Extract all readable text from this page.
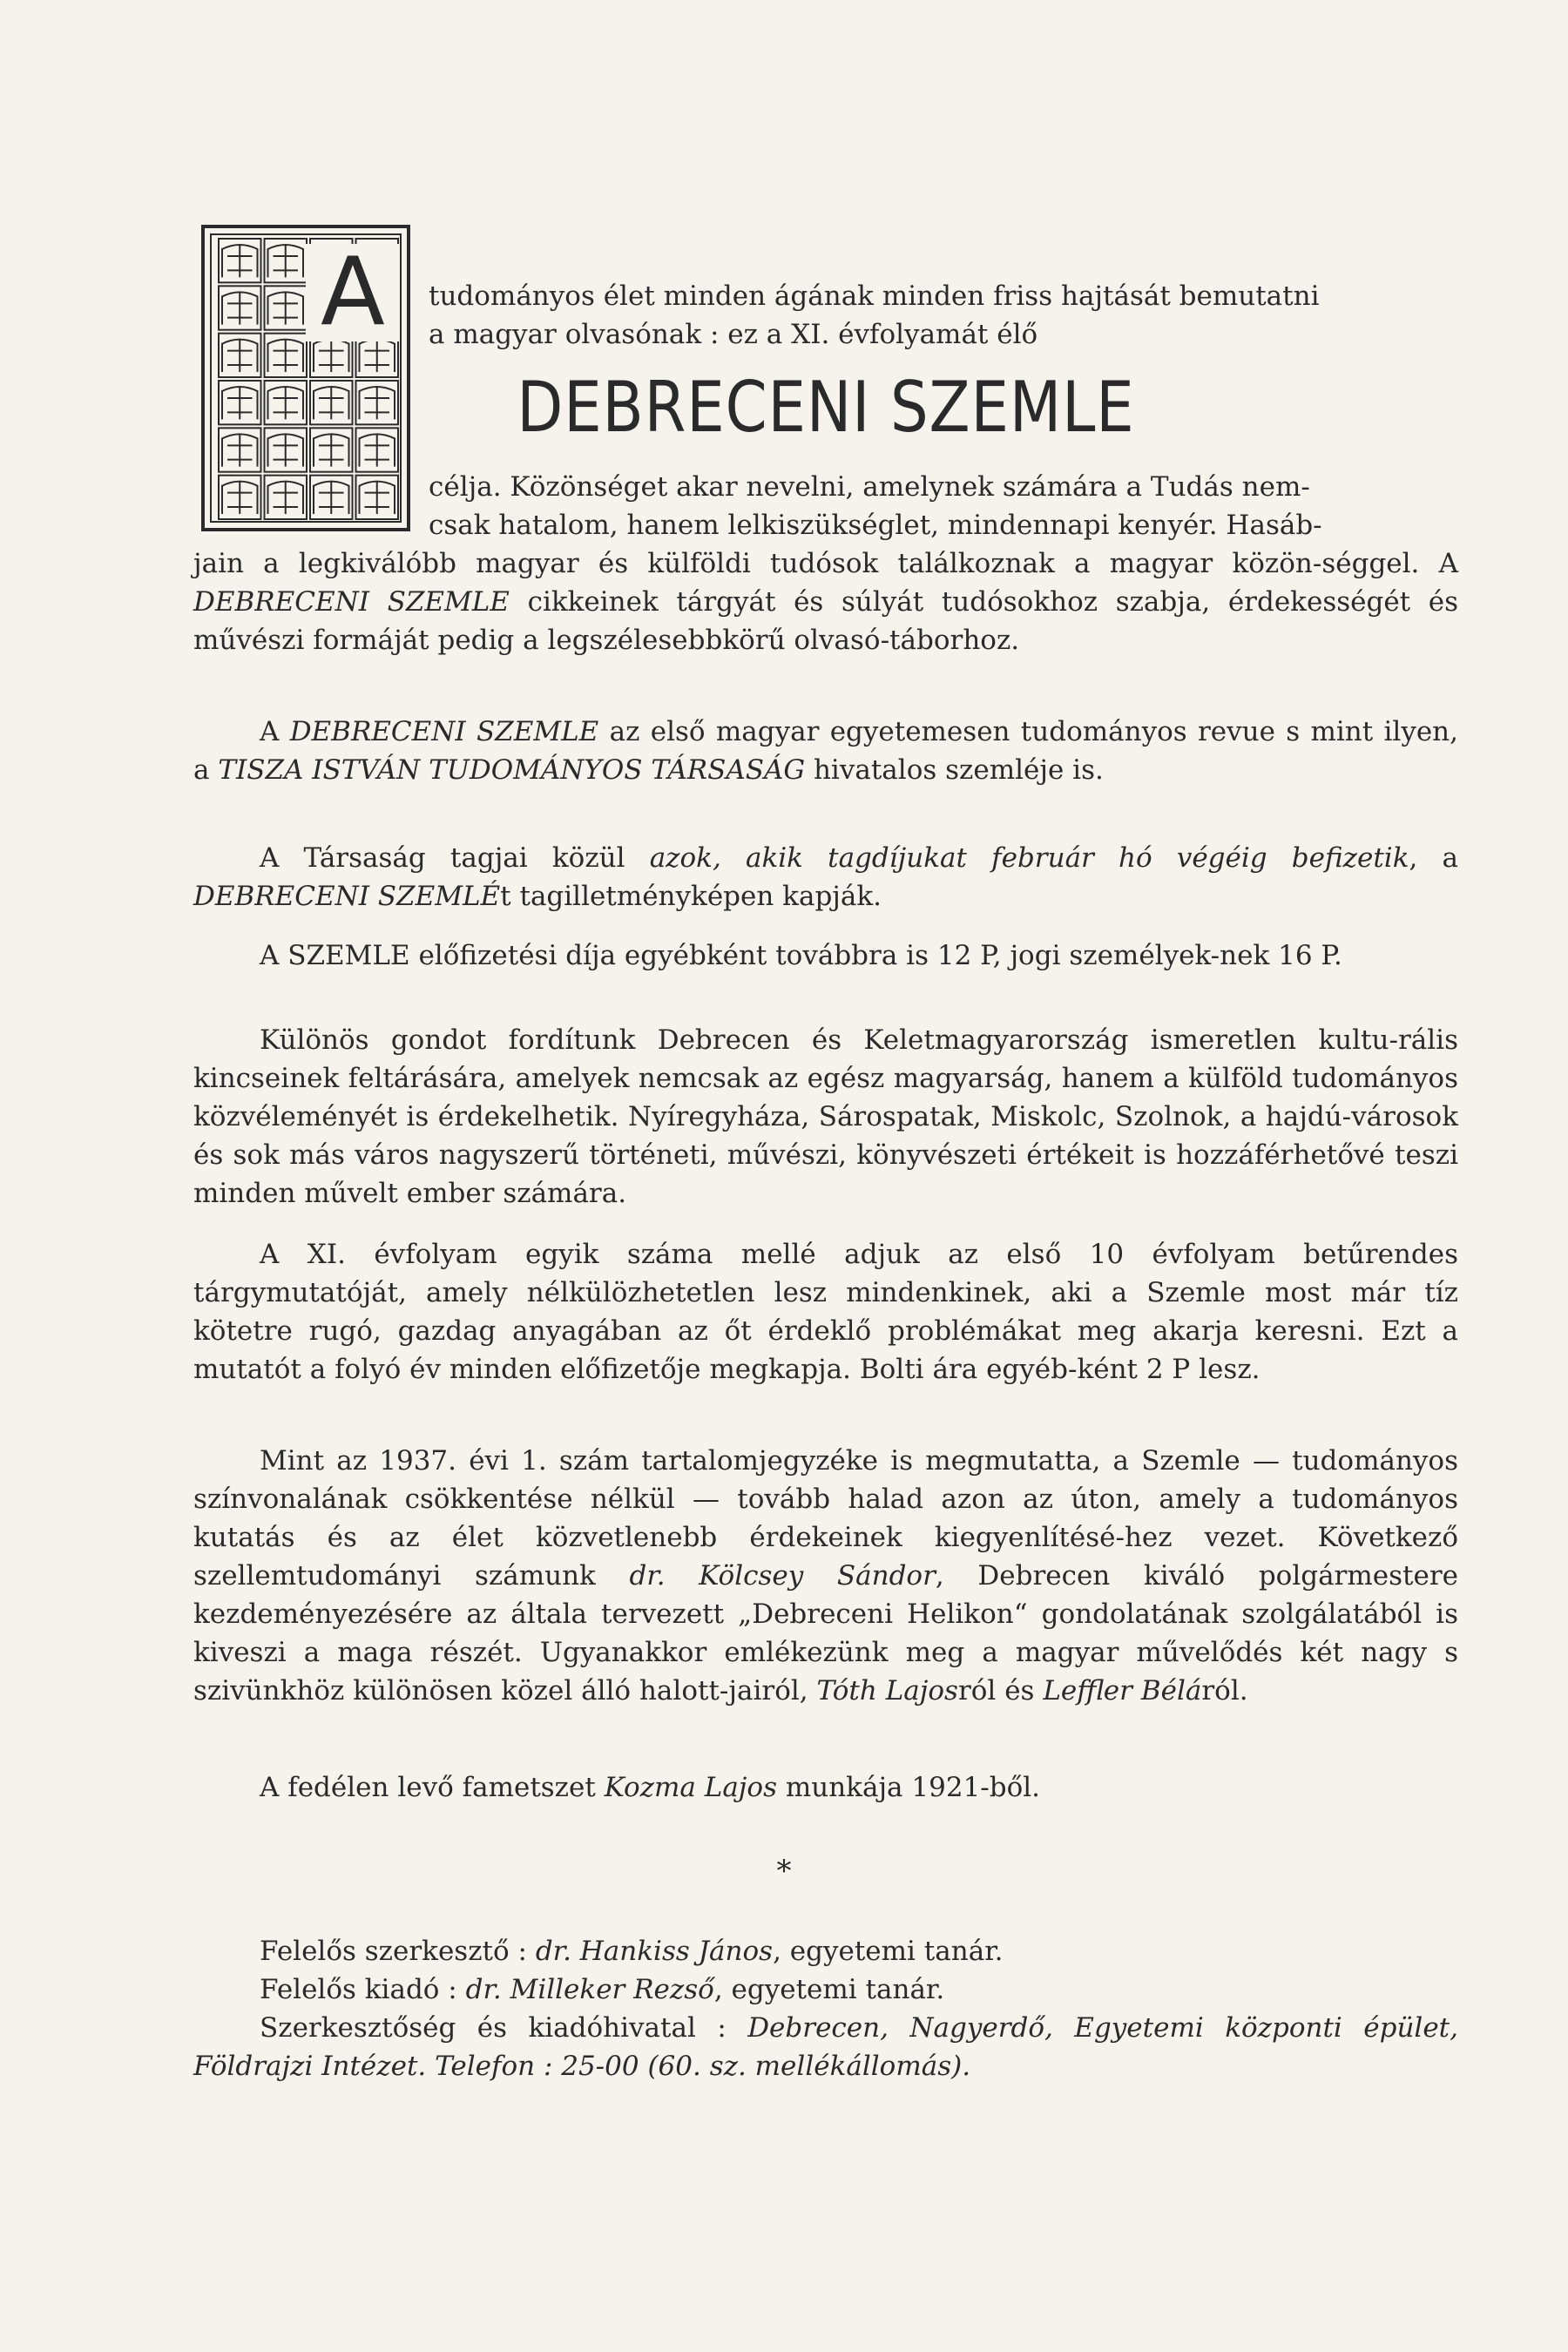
A tudományos élet minden ágának minden friss hajtását bemutatni

a magyar olvasónak : ez a XI. évfolyamát élő

DEBRECENI SZEMLE

célja. Közönséget akar nevelni, amelynek számára a Tudás nem-

csak hatalom, hanem lelkiszükséglet, mindennapi kenyér. Hasáb-

jain a legkiválóbb magyar és külföldi tudósok találkoznak a magyar közön-séggel. A DEBRECENI SZEMLE cikkeinek tárgyát és súlyát tudósokhoz szabja, érdekességét és művészi formáját pedig a legszélesebbkörű olvasó-táborhoz.

A DEBRECENI SZEMLE az első magyar egyetemesen tudományos revue s mint ilyen, a TISZA ISTVÁN TUDOMÁNYOS TÁRSASÁG hivatalos szemléje is.

A Társaság tagjai közül azok, akik tagdíjukat február hó végéig befizetik, a DEBRECENI SZEMLÉt tagilletményképen kapják.

A SZEMLE előfizetési díja egyébként továbbra is 12 P, jogi személyek-nek 16 P.

Különös gondot fordítunk Debrecen és Keletmagyarország ismeretlen kultu-rális kincseinek feltárására, amelyek nemcsak az egész magyarság, hanem a külföld tudományos közvéleményét is érdekelhetik. Nyíregyháza, Sárospatak, Miskolc, Szolnok, a hajdú-városok és sok más város nagyszerű történeti, művészi, könyvészeti értékeit is hozzáférhetővé teszi minden művelt ember számára.

A XI. évfolyam egyik száma mellé adjuk az első 10 évfolyam betűrendes tárgymutatóját, amely nélkülözhetetlen lesz mindenkinek, aki a Szemle most már tíz kötetre rugó, gazdag anyagában az őt érdeklő problémákat meg akarja keresni. Ezt a mutatót a folyó év minden előfizetője megkapja. Bolti ára egyéb-ként 2 P lesz.

Mint az 1937. évi 1. szám tartalomjegyzéke is megmutatta, a Szemle — tudományos színvonalának csökkentése nélkül — tovább halad azon az úton, amely a tudományos kutatás és az élet közvetlenebb érdekeinek kiegyenlítésé-hez vezet. Következő szellemtudományi számunk dr. Kölcsey Sándor, Debrecen kiváló polgármestere kezdeményezésére az általa tervezett „Debreceni Helikon“ gondolatának szolgálatából is kiveszi a maga részét. Ugyanakkor emlékezünk meg a magyar művelődés két nagy s szivünkhöz különösen közel álló halott-jairól, Tóth Lajosról és Leffler Béláról.

A fedélen levő fametszet Kozma Lajos munkája 1921-ből.

*

Felelős szerkesztő : dr. Hankiss János, egyetemi tanár.

Felelős kiadó : dr. Milleker Rezső, egyetemi tanár.

Szerkesztőség és kiadóhivatal : Debrecen, Nagyerdő, Egyetemi központi épület, Földrajzi Intézet. Telefon : 25-00 (60. sz. mellékállomás).
